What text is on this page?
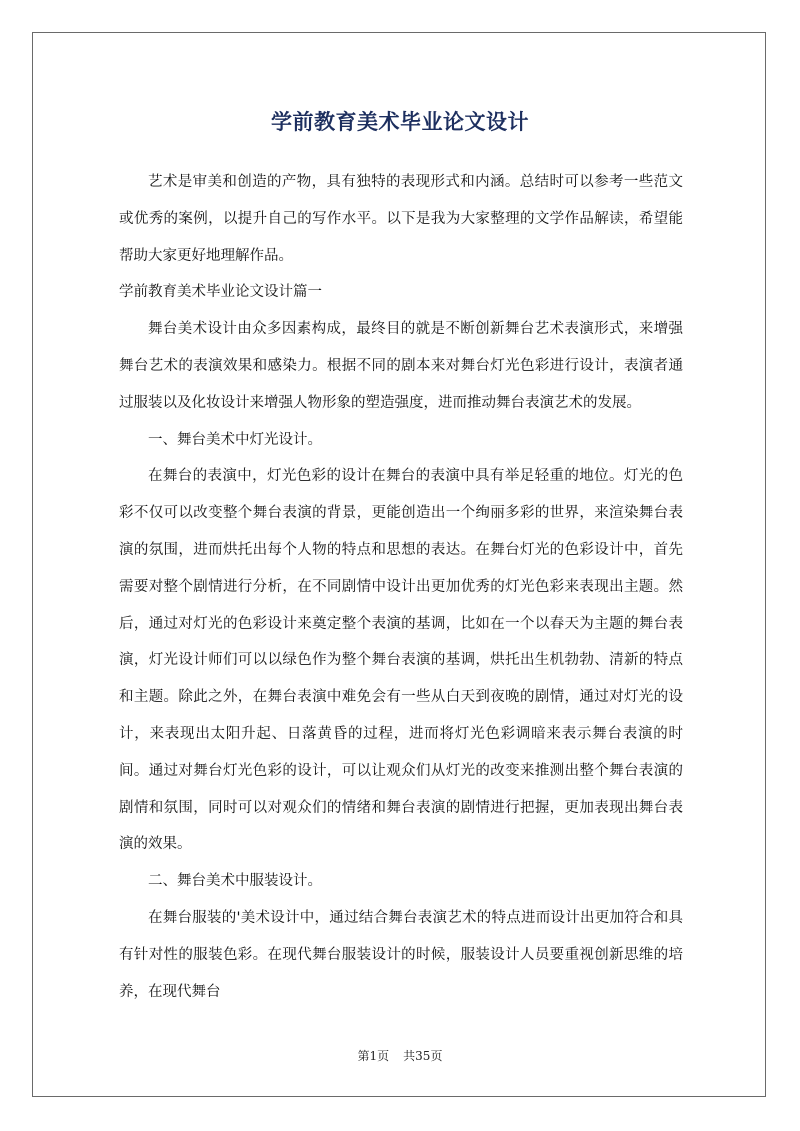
学前教育美术毕业论文设计

艺术是审美和创造的产物，具有独特的表现形式和内涵。总结时可以参考一些范文或优秀的案例，以提升自己的写作水平。以下是我为大家整理的文学作品解读，希望能帮助大家更好地理解作品。

学前教育美术毕业论文设计篇一

舞台美术设计由众多因素构成，最终目的就是不断创新舞台艺术表演形式，来增强舞台艺术的表演效果和感染力。根据不同的剧本来对舞台灯光色彩进行设计，表演者通过服装以及化妆设计来增强人物形象的塑造强度，进而推动舞台表演艺术的发展。

一、舞台美术中灯光设计。

在舞台的表演中，灯光色彩的设计在舞台的表演中具有举足轻重的地位。灯光的色彩不仅可以改变整个舞台表演的背景，更能创造出一个绚丽多彩的世界，来渲染舞台表演的氛围，进而烘托出每个人物的特点和思想的表达。在舞台灯光的色彩设计中，首先需要对整个剧情进行分析，在不同剧情中设计出更加优秀的灯光色彩来表现出主题。然后，通过对灯光的色彩设计来奠定整个表演的基调，比如在一个以春天为主题的舞台表演，灯光设计师们可以以绿色作为整个舞台表演的基调，烘托出生机勃勃、清新的特点和主题。除此之外，在舞台表演中难免会有一些从白天到夜晚的剧情，通过对灯光的设计，来表现出太阳升起、日落黄昏的过程，进而将灯光色彩调暗来表示舞台表演的时间。通过对舞台灯光色彩的设计，可以让观众们从灯光的改变来推测出整个舞台表演的剧情和氛围，同时可以对观众们的情绪和舞台表演的剧情进行把握，更加表现出舞台表演的效果。

二、舞台美术中服装设计。

在舞台服装的'美术设计中，通过结合舞台表演艺术的特点进而设计出更加符合和具有针对性的服装色彩。在现代舞台服装设计的时候，服装设计人员要重视创新思维的培养，在现代舞台

第1页 共35页
